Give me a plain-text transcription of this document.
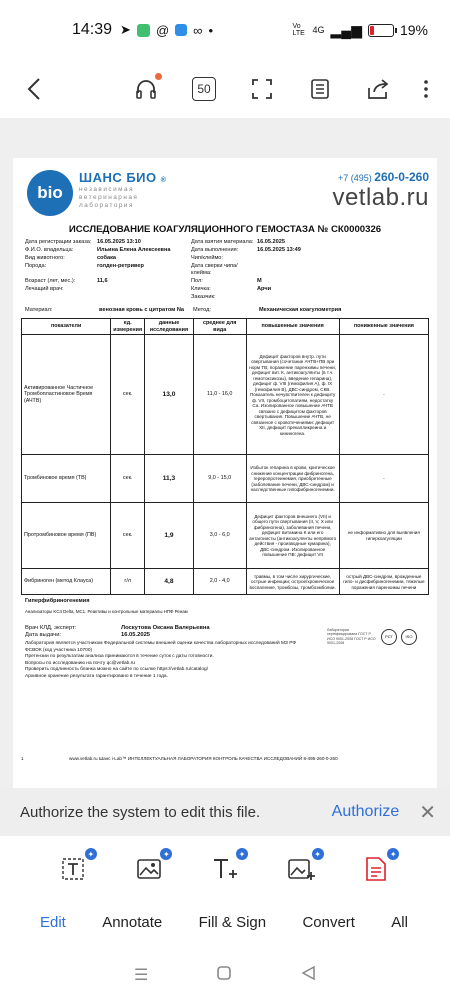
14:39 ➤ @ ∞ •	Vo LTE 4G ▂▄▆	19%
50
bio
ШАНС БИО ®
независимая
ветеринарная
лаборатория
+7 (495) 260-0-260
vetlab.ru
ИССЛЕДОВАНИЕ КОАГУЛЯЦИОННОГО ГЕМОСТАЗА № СК0000326
Дата регистрации заказа: 16.05.2025 13:10	Дата взятия материала: 16.05.2025
Ф.И.О. владельца:	Ильина Елена Алексеевна	Дата выполнения:	16.05.2025 13:49
Вид животного:	собака	Чип/клеймо:
Порода:	голден-ретривер	Дата сверки чипа/клейма:
Возраст (лет, мес.):	11,6	Пол:	М
Лечащий врач:	Кличка:	Арчи
Заказчик:
Материал:	венозная кровь с цитратом Na	Метод:	Механическая коагулометрия
показатели	ед. измерения	данные исследования	среднее для вида	повышенные значения	пониженные значения
Активированное Частичное Тромбопластиновое Время (АЧТВ)	сек.	13,0	11,0 - 16,0	Дефицит факторов внутр. пути свертывания (сочетание АЧТВ+ПВ при норм ТВ; поражение паренхимы печени, дефицит вит. К, антикоагулянты (в т.ч. гемотоксикозы), введение гепарина), дефицит ф. VIII (гемофилия А), ф. IX (гемофилия В), ДВС-синдром, СКВ. Показатель нечувствителен к дефициту ф. VII, тромбоцитопатиям, недостатку Са. Изолированное повышение АЧТВ связано с дефицитом факторов свертывания. Повышение АЧТВ, не связанное с кровотечениями: дефицит XII, дефицит прекалликреина и кининогена.	-
Тромбиновое время (ТВ)	сек.	11,3	9,0 - 15,0	Избыток гепарина в крови, критическое снижение концентрации фибриногена, гереропротеинемия, приобретенные (заболевание печени, ДВС-синдром) и наследственные гипофибриногенемии.	-
Протромбиновое время (ПВ)	сек.	1,9	3,0 - 6,0	Дефицит факторов внешнего (VII) и общего пути свертывания (II, V, X или фибриногена), заболевания печени, дефицит витамина К или его антагонисты (антикоагулянты непрямого действия - производные кумарина), ДВС-синдром. Изолированное повышение ПВ: дефицит VII	не информативно для выявления гиперкоагуляции
Фибриноген (метод Клауса)	г/л	4,8	2,0 - 4,0	травмы, в том числе хирургические, острые инфекции; острое/хроническое воспаление, тромбозы, тромбоэмболии.	острый ДВС-синдром, врожденные гипо- и дисфибриногенемии, тяжелые поражения паренхимы печени
Гиперфибриногенемия
Анализаторы KC4 Delta, MC1. Реактивы и контрольные материалы НПФ Ренам
Лаборатория сертифицирована ГОСТ Р ИСО 9001-2008 ГОСТ Р ИСО 9001-2008
РСТ	ISO
Врач КЛД, эксперт:	Лоскутова Оксана Валерьевна
Дата выдачи:	16.05.2025
Лаборатория является участником Федеральной системы внешней оценки качества лабораторных исследований МЗ РФ
ФСВОК (код участника 10700)
Претензии по результатам анализа принимаются в течение суток с даты готовности.
Вопросы по исследованию на почту qc@vetlab.ru
Проверить подлинность бланка можно на сайте по ссылке https://vetlab.ru/catalog/
Архивное хранение результата гарантировано в течение 1 года.
1	www.vetlab.ru Шанс i-Lab™ ИНТЕЛЛЕКТУАЛЬНАЯ ЛАБОРАТОРИЯ КОНТРОЛЬ КАЧЕСТВА ИССЛЕДОВАНИЙ 8-495-260-0-260
Authorize the system to edit this file.	Authorize ✕
✦	✦	✦	✦	✦
Edit Annotate Fill & Sign Convert All
☰
